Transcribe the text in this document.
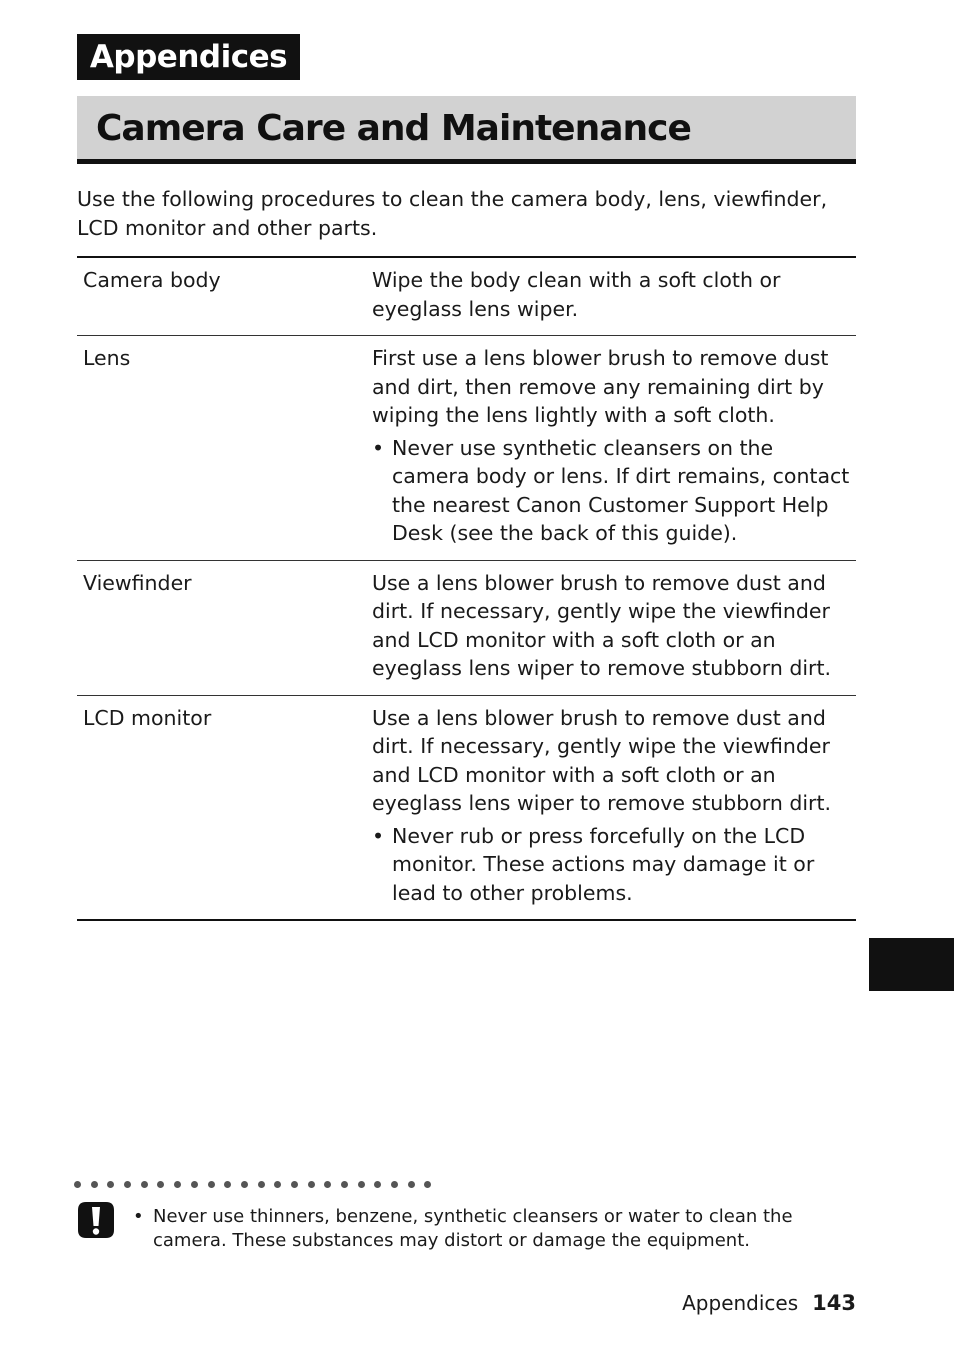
Appendices
Camera Care and Maintenance

Use the following procedures to clean the camera body, lens, viewfinder, LCD monitor and other parts.

Camera body	Wipe the body clean with a soft cloth or eyeglass lens wiper.

Lens	First use a lens blower brush to remove dust and dirt, then remove any remaining dirt by wiping the lens lightly with a soft cloth.

• Never use synthetic cleansers on the camera body or lens. If dirt remains, contact the nearest Canon Customer Support Help Desk (see the back of this guide).

Viewfinder	Use a lens blower brush to remove dust and dirt. If necessary, gently wipe the viewfinder and LCD monitor with a soft cloth or an eyeglass lens wiper to remove stubborn dirt.

LCD monitor	Use a lens blower brush to remove dust and dirt. If necessary, gently wipe the viewfinder and LCD monitor with a soft cloth or an eyeglass lens wiper to remove stubborn dirt.

• Never rub or press forcefully on the LCD monitor. These actions may damage it or lead to other problems.
• Never use thinners, benzene, synthetic cleansers or water to clean the camera. These substances may distort or damage the equipment.
Appendices 143
